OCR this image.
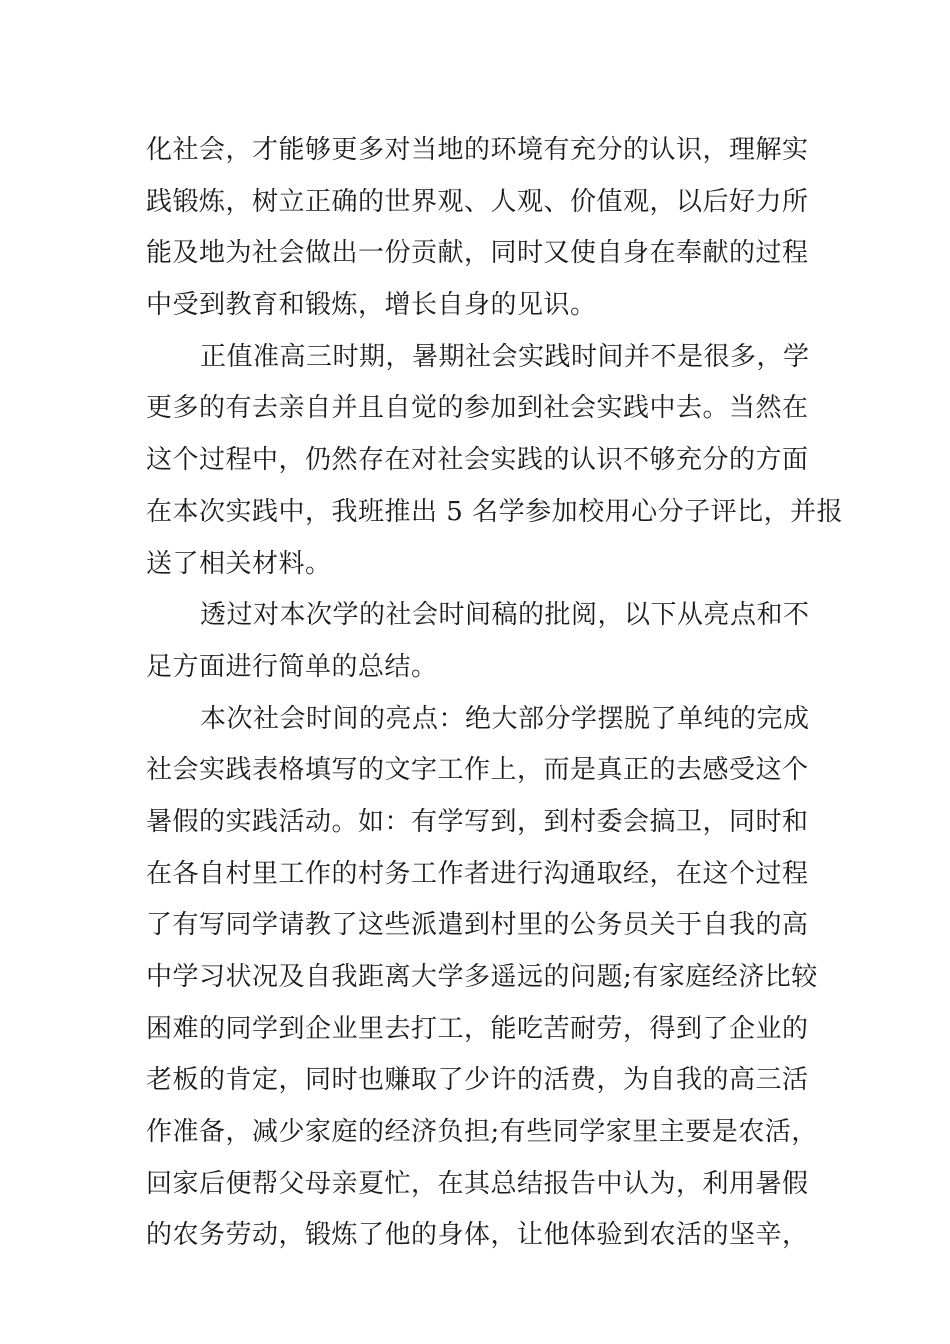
化社会，才能够更多对当地的环境有充分的认识，理解实
践锻炼，树立正确的世界观、人观、价值观，以后好力所
能及地为社会做出一份贡献，同时又使自身在奉献的过程
中受到教育和锻炼，增长自身的见识。
正值准高三时期，暑期社会实践时间并不是很多，学
更多的有去亲自并且自觉的参加到社会实践中去。当然在
这个过程中，仍然存在对社会实践的认识不够充分的方面
在本次实践中，我班推出 5 名学参加校用心分子评比，并报
送了相关材料。
透过对本次学的社会时间稿的批阅，以下从亮点和不
足方面进行简单的总结。
本次社会时间的亮点：绝大部分学摆脱了单纯的完成
社会实践表格填写的文字工作上，而是真正的去感受这个
暑假的实践活动。如：有学写到，到村委会搞卫，同时和
在各自村里工作的村务工作者进行沟通取经，在这个过程
了有写同学请教了这些派遣到村里的公务员关于自我的高
中学习状况及自我距离大学多遥远的问题;有家庭经济比较
困难的同学到企业里去打工，能吃苦耐劳，得到了企业的
老板的肯定，同时也赚取了少许的活费，为自我的高三活
作准备，减少家庭的经济负担;有些同学家里主要是农活，
回家后便帮父母亲夏忙，在其总结报告中认为，利用暑假
的农务劳动，锻炼了他的身体，让他体验到农活的坚辛，
